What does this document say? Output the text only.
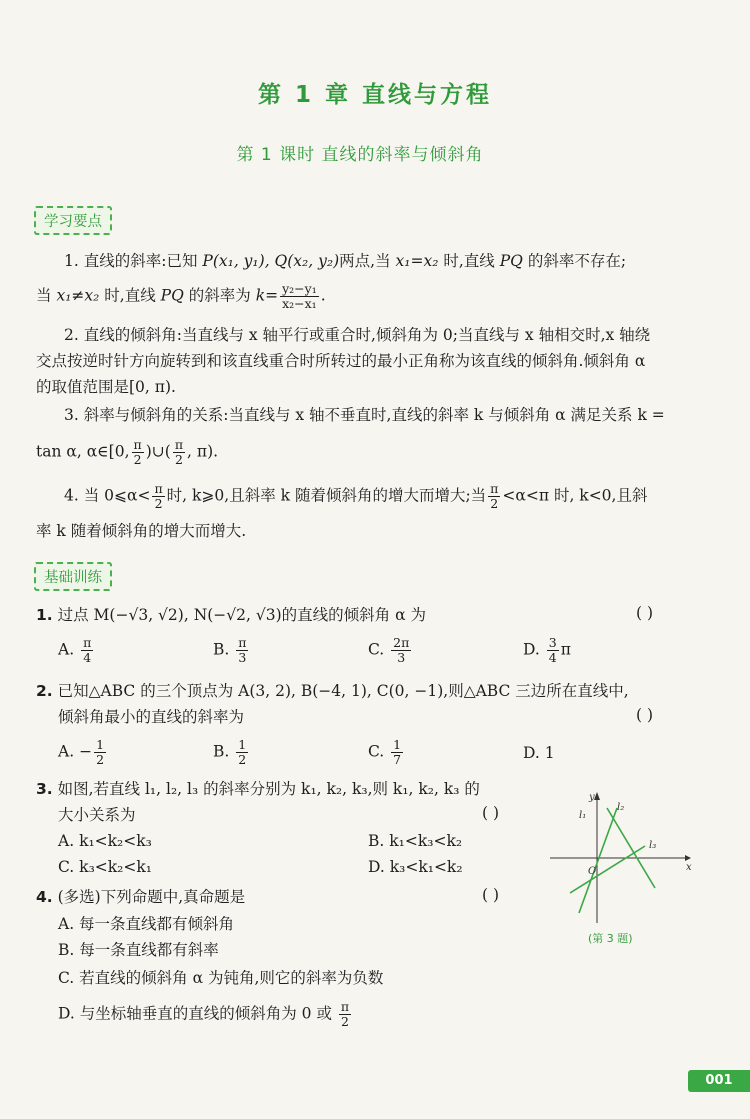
第 1 章 直线与方程
第 1 课时 直线的斜率与倾斜角
学习要点
1. 直线的斜率:已知 P(x₁, y₁), Q(x₂, y₂)两点,当 x₁=x₂ 时,直线 PQ 的斜率不存在;
当 x₁≠x₂ 时,直线 PQ 的斜率为 $k= \frac{\text{y₂−y₁}}{\text{x₂−x₁}}$ .
2. 直线的倾斜角:当直线与 x 轴平行或重合时,倾斜角为 0;当直线与 x 轴相交时,x 轴绕
交点按逆时针方向旋转到和该直线重合时所转过的最小正角称为该直线的倾斜角.倾斜角 α
的取值范围是[0, π).
3. 斜率与倾斜角的关系:当直线与 x 轴不垂直时,直线的斜率 k 与倾斜角 α 满足关系 k =
tan α, α∈[0, $\frac{\pi}{2}$ )∪( $\frac{\pi}{2}$ , π).
4. 当 0⩽α< $\frac{\pi}{2}$ 时, k⩾0,且斜率 k 随着倾斜角的增大而增大;当 $\frac{\pi}{2} <\alpha<\pi$ 时, k<0,且斜
率 k 随着倾斜角的增大而增大.
基础训练
1. 过点 M(−√3, √2), N(−√2, √3)的直线的倾斜角 α 为	( )
A. $\frac{\pi}{4}$	B. $\frac{\pi}{3}$	C. $\frac{2\pi}{3}$	D. $\frac{3}{4}$ π
2. 已知△ABC 的三个顶点为 A(3, 2), B(−4, 1), C(0, −1),则△ABC 三边所在直线中,
倾斜角最小的直线的斜率为	( )
A. − $\frac{1}{2}$	B. $\frac{1}{2}$	C. $\frac{1}{7}$	D. 1
3. 如图,若直线 l₁, l₂, l₃ 的斜率分别为 k₁, k₂, k₃,则 k₁, k₂, k₃ 的
大小关系为	( )
A. k₁<k₂<k₃	B. k₁<k₃<k₂
C. k₃<k₂<k₁	D. k₃<k₁<k₂
y
x
O
l₁
l₂
l₃
(第 3 题)
4. (多选)下列命题中,真命题是	( )
A. 每一条直线都有倾斜角
B. 每一条直线都有斜率
C. 若直线的倾斜角 α 为钝角,则它的斜率为负数
D. 与坐标轴垂直的直线的倾斜角为 0 或 $\frac{\pi}{2}$
001
